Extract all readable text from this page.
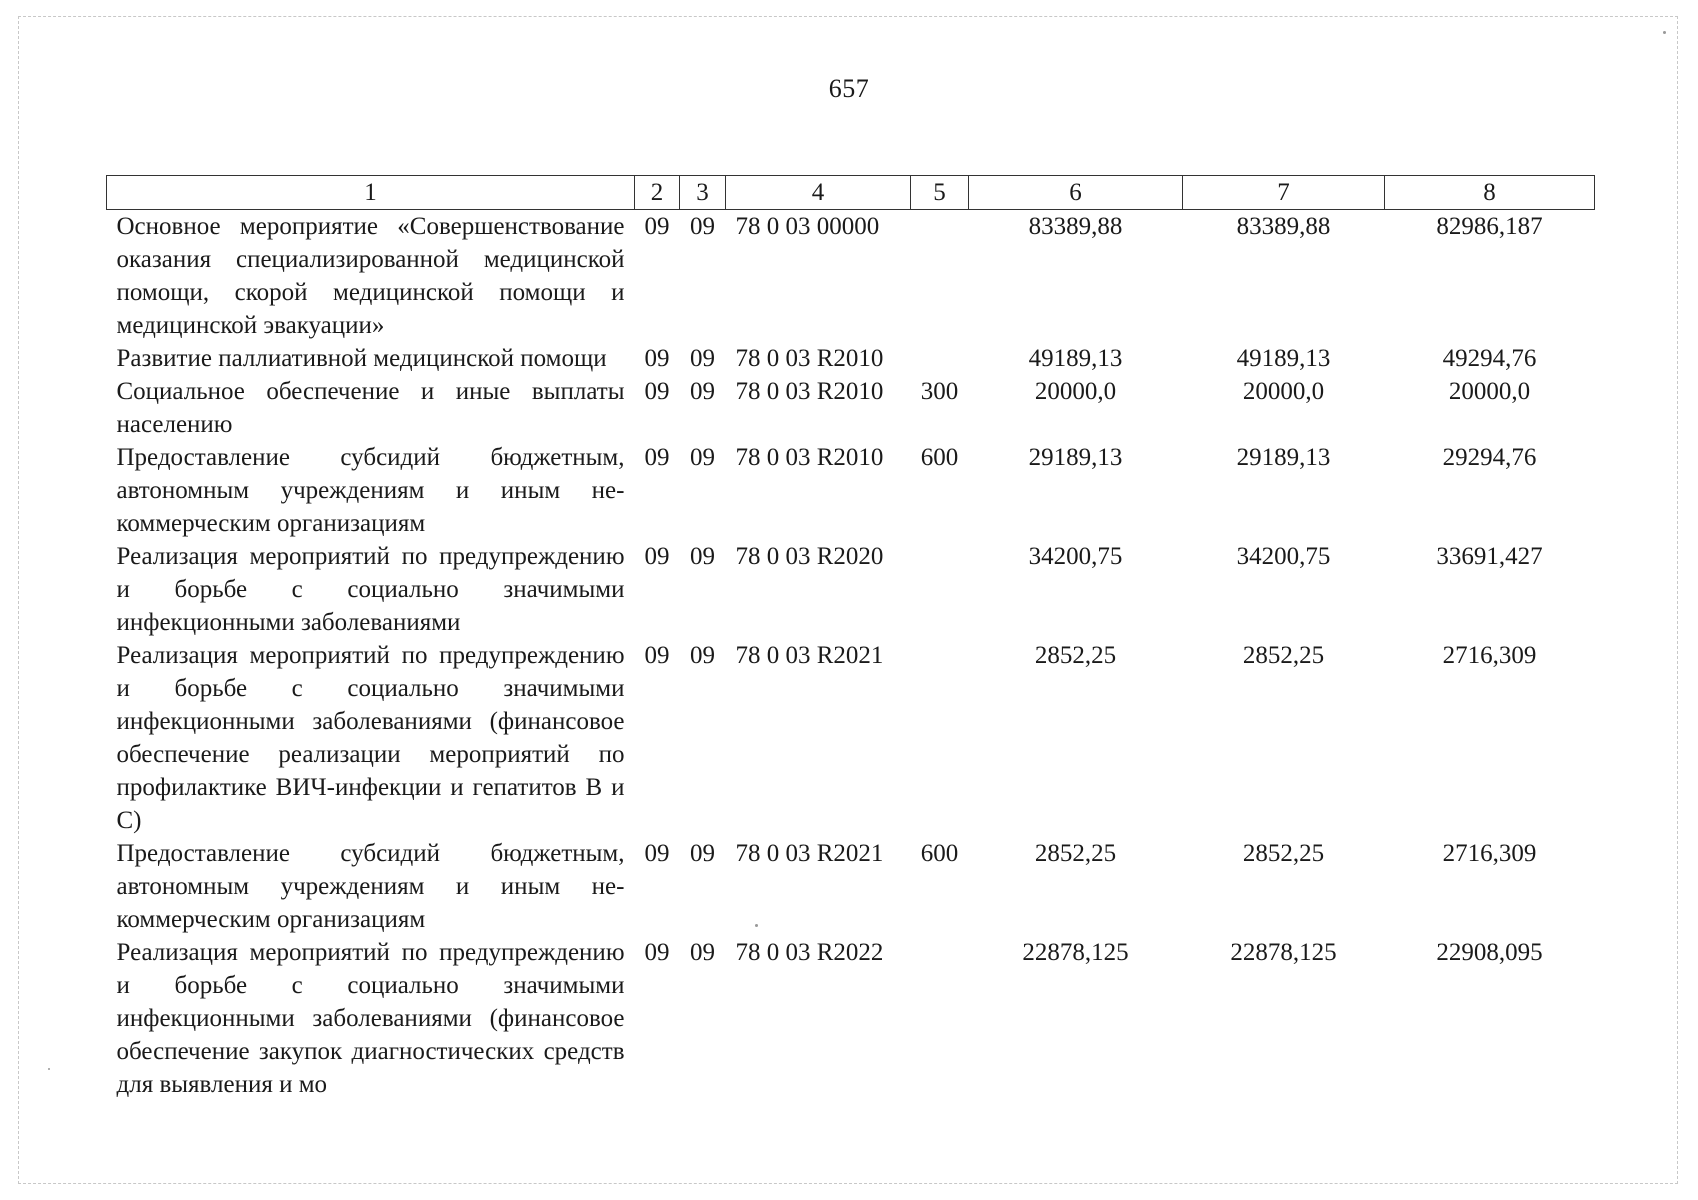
657
1	2	3	4	5	6	7	8
Основное мероприятие «Совершенствование оказания специализированной медицинской помощи, скорой медицинской помощи и медицинской эвакуации»	09	09	78 0 03 00000		83389,88	83389,88	82986,187
Развитие паллиативной медицинской помощи	09	09	78 0 03 R2010		49189,13	49189,13	49294,76
Социальное обеспечение и иные выплаты населению	09	09	78 0 03 R2010	300	20000,0	20000,0	20000,0
Предоставление субсидий бюджетным, автономным учреждениям и иным некоммерческим организациям	09	09	78 0 03 R2010	600	29189,13	29189,13	29294,76
Реализация мероприятий по предупреждению и борьбе с социально значимыми инфекционными заболеваниями	09	09	78 0 03 R2020		34200,75	34200,75	33691,427
Реализация мероприятий по предупреждению и борьбе с социально значимыми инфекционными заболеваниями (финансовое обеспечение реализации мероприятий по профилактике ВИЧ-инфекции и гепатитов В и С)	09	09	78 0 03 R2021		2852,25	2852,25	2716,309
Предоставление субсидий бюджетным, автономным учреждениям и иным некоммерческим организациям	09	09	78 0 03 R2021	600	2852,25	2852,25	2716,309
Реализация мероприятий по предупреждению и борьбе с социально значимыми инфекционными заболеваниями (финансовое обеспечение закупок диагностических средств для выявления и мо	09	09	78 0 03 R2022		22878,125	22878,125	22908,095
